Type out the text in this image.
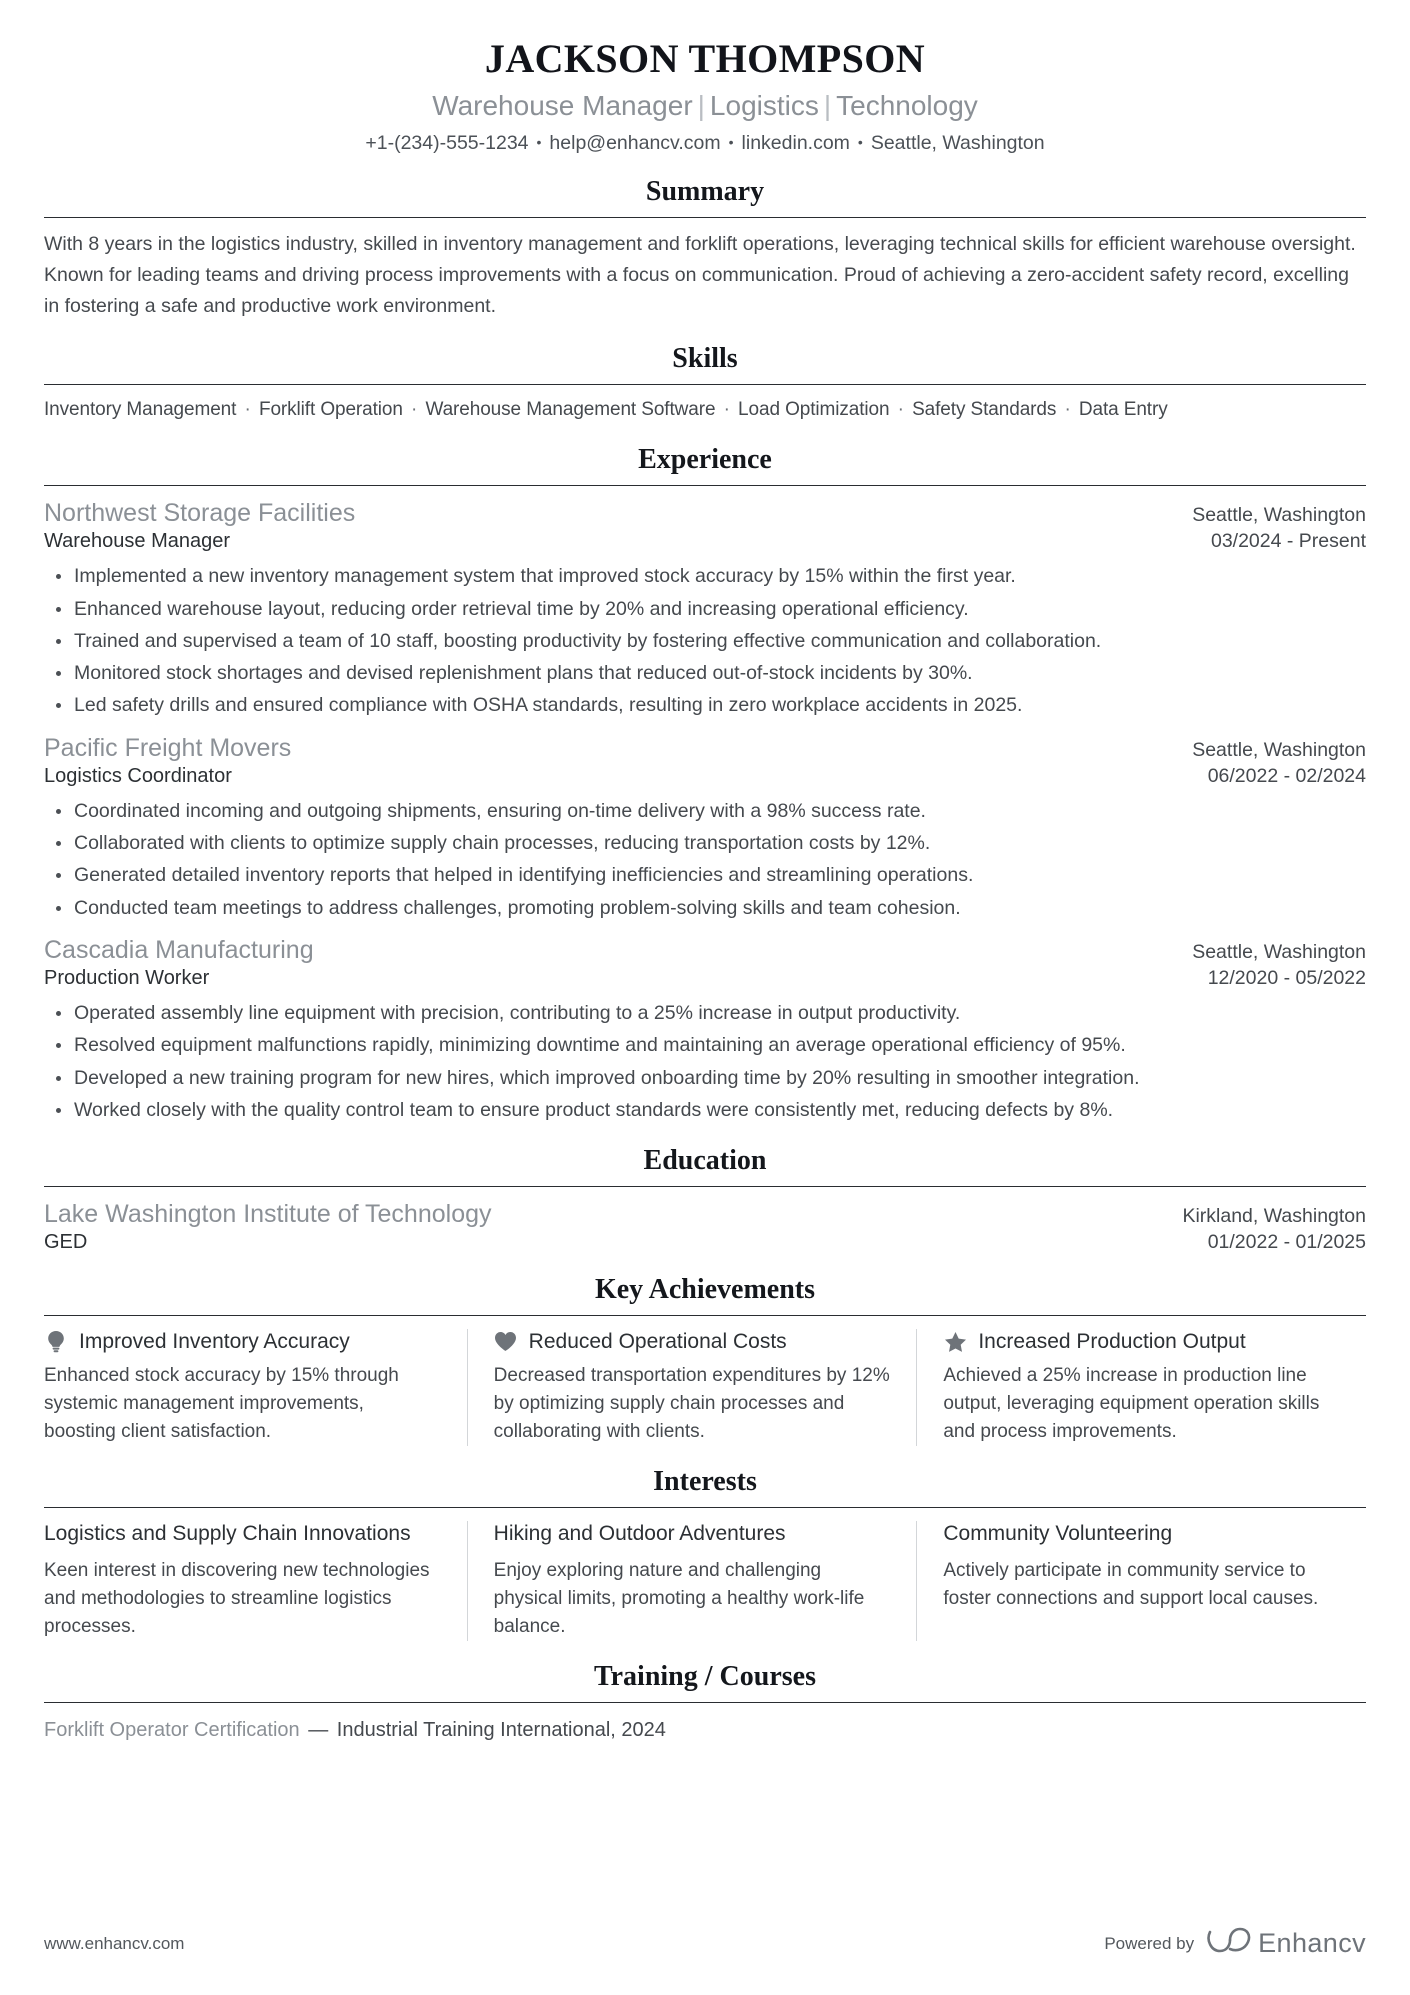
JACKSON THOMPSON
Warehouse Manager | Logistics | Technology
+1-(234)-555-1234 • help@enhancv.com • linkedin.com • Seattle, Washington
Summary
With 8 years in the logistics industry, skilled in inventory management and forklift operations, leveraging technical skills for efficient warehouse oversight. Known for leading teams and driving process improvements with a focus on communication. Proud of achieving a zero-accident safety record, excelling in fostering a safe and productive work environment.
Skills
Inventory Management · Forklift Operation · Warehouse Management Software · Load Optimization · Safety Standards · Data Entry
Experience
Northwest Storage Facilities	Seattle, Washington
Warehouse Manager	03/2024 - Present
Implemented a new inventory management system that improved stock accuracy by 15% within the first year.
Enhanced warehouse layout, reducing order retrieval time by 20% and increasing operational efficiency.
Trained and supervised a team of 10 staff, boosting productivity by fostering effective communication and collaboration.
Monitored stock shortages and devised replenishment plans that reduced out-of-stock incidents by 30%.
Led safety drills and ensured compliance with OSHA standards, resulting in zero workplace accidents in 2025.
Pacific Freight Movers	Seattle, Washington
Logistics Coordinator	06/2022 - 02/2024
Coordinated incoming and outgoing shipments, ensuring on-time delivery with a 98% success rate.
Collaborated with clients to optimize supply chain processes, reducing transportation costs by 12%.
Generated detailed inventory reports that helped in identifying inefficiencies and streamlining operations.
Conducted team meetings to address challenges, promoting problem-solving skills and team cohesion.
Cascadia Manufacturing	Seattle, Washington
Production Worker	12/2020 - 05/2022
Operated assembly line equipment with precision, contributing to a 25% increase in output productivity.
Resolved equipment malfunctions rapidly, minimizing downtime and maintaining an average operational efficiency of 95%.
Developed a new training program for new hires, which improved onboarding time by 20% resulting in smoother integration.
Worked closely with the quality control team to ensure product standards were consistently met, reducing defects by 8%.
Education
Lake Washington Institute of Technology	Kirkland, Washington
GED	01/2022 - 01/2025
Key Achievements
Improved Inventory Accuracy
Enhanced stock accuracy by 15% through systemic management improvements, boosting client satisfaction.
Reduced Operational Costs
Decreased transportation expenditures by 12% by optimizing supply chain processes and collaborating with clients.
Increased Production Output
Achieved a 25% increase in production line output, leveraging equipment operation skills and process improvements.
Interests
Logistics and Supply Chain Innovations
Keen interest in discovering new technologies and methodologies to streamline logistics processes.
Hiking and Outdoor Adventures
Enjoy exploring nature and challenging physical limits, promoting a healthy work-life balance.
Community Volunteering
Actively participate in community service to foster connections and support local causes.
Training / Courses
Forklift Operator Certification — Industrial Training International, 2024
www.enhancv.com	Powered by Enhancv
